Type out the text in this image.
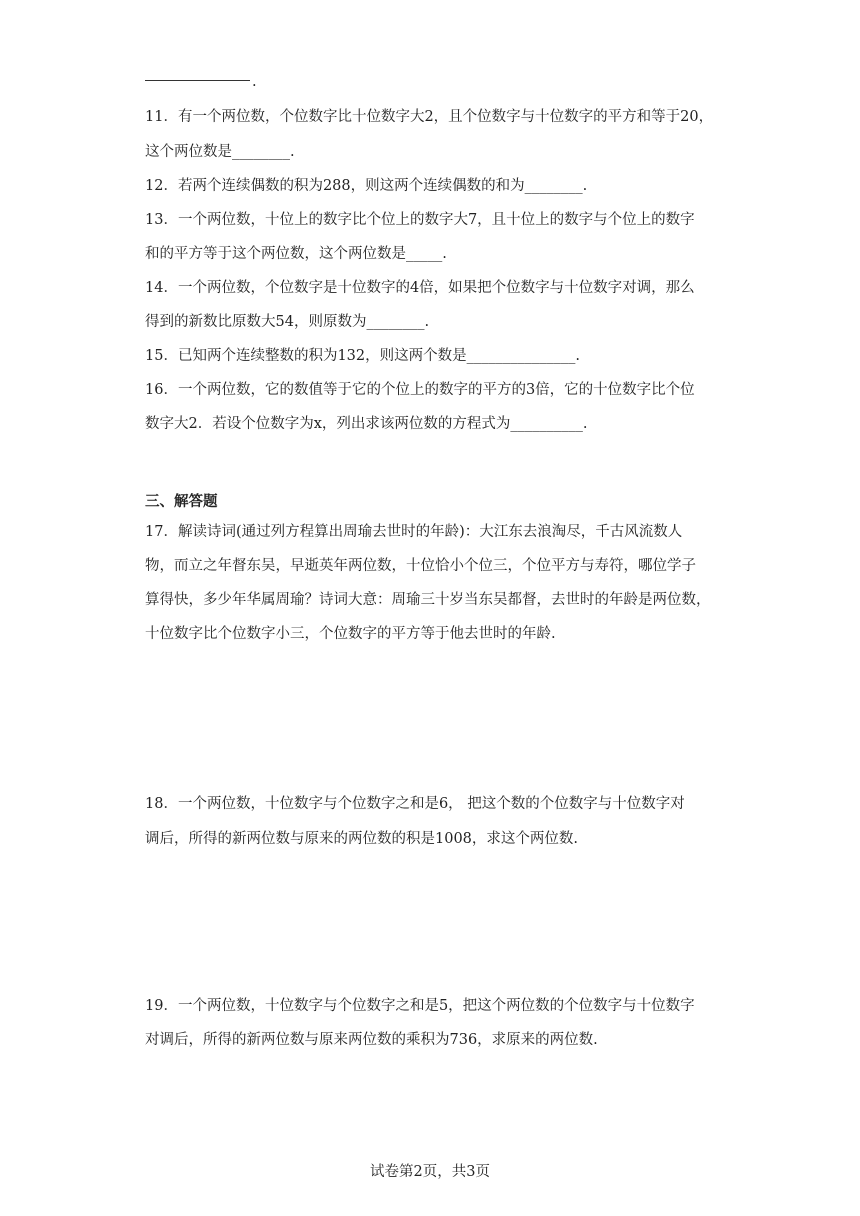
.
11．有一个两位数，个位数字比十位数字大2，且个位数字与十位数字的平方和等于20，
这个两位数是________.
12．若两个连续偶数的积为288，则这两个连续偶数的和为________.
13．一个两位数，十位上的数字比个位上的数字大7，且十位上的数字与个位上的数字
和的平方等于这个两位数，这个两位数是_____.
14．一个两位数，个位数字是十位数字的4倍，如果把个位数字与十位数字对调，那么
得到的新数比原数大54，则原数为________.
15．已知两个连续整数的积为132，则这两个数是_______________.
16．一个两位数，它的数值等于它的个位上的数字的平方的3倍，它的十位数字比个位
数字大2．若设个位数字为x，列出求该两位数的方程式为__________.
三、解答题
17．解读诗词(通过列方程算出周瑜去世时的年龄)：大江东去浪淘尽，千古风流数人
物，而立之年督东吴，早逝英年两位数，十位恰小个位三，个位平方与寿符，哪位学子
算得快，多少年华属周瑜？诗词大意：周瑜三十岁当东吴都督，去世时的年龄是两位数，
十位数字比个位数字小三，个位数字的平方等于他去世时的年龄.
18．一个两位数，十位数字与个位数字之和是6， 把这个数的个位数字与十位数字对
调后，所得的新两位数与原来的两位数的积是1008，求这个两位数.
19．一个两位数，十位数字与个位数字之和是5，把这个两位数的个位数字与十位数字
对调后，所得的新两位数与原来两位数的乘积为736，求原来的两位数.
试卷第2页，共3页
